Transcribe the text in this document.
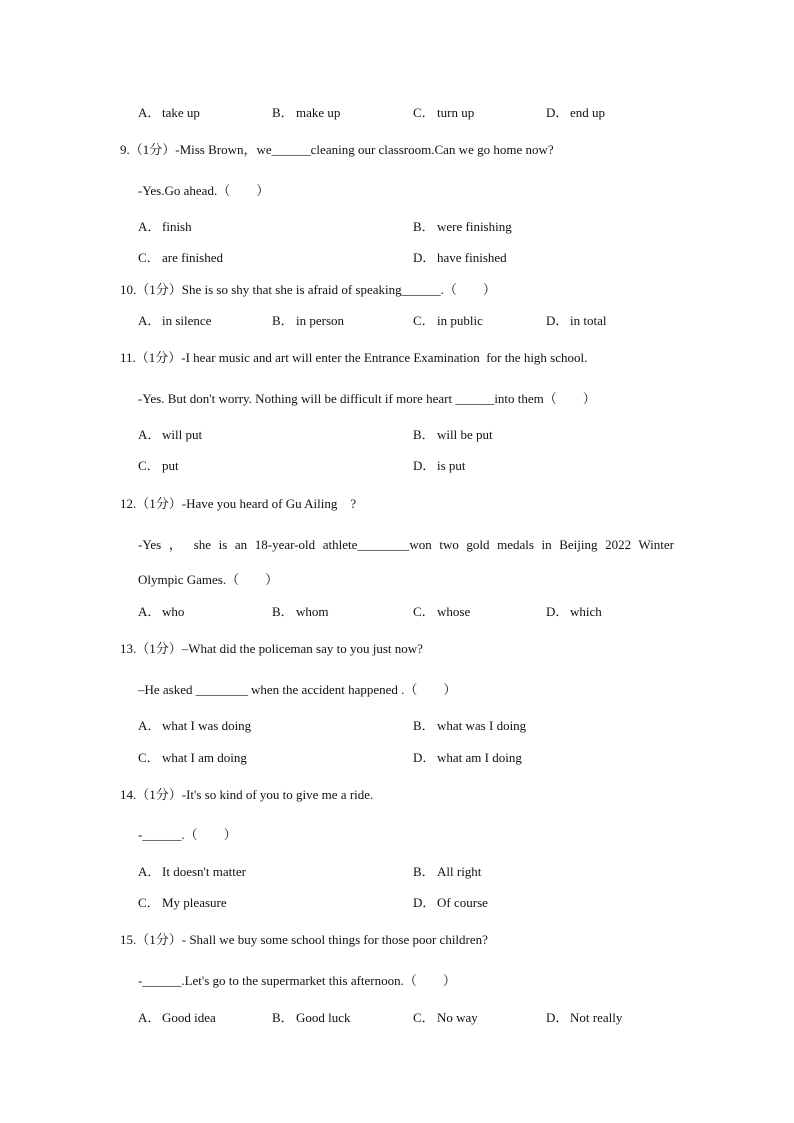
A． take up	B． make up	C． turn up	D． end up
9.（1分）-Miss Brown，we______cleaning our classroom.Can we go home now?
-Yes.Go ahead.（　　）
A． finish	B． were finishing
C． are finished	D． have finished
10.（1分）She is so shy that she is afraid of speaking______.（　　）
A． in silence	B． in person	C． in public	D． in total
11.（1分）-I hear music and art will enter the Entrance Examination  for the high school.
-Yes. But don't worry. Nothing will be difficult if more heart ______into them（　　）
A． will put	B． will be put
C． put	D． is put
12.（1分）-Have you heard of Gu Ailing　?
-Yes ， she is an 18-year-old athlete________won two gold medals in Beijing 2022 Winter
Olympic Games.（　　）
A． who	B． whom	C． whose	D． which
13.（1分）–What did the policeman say to you just now?
–He asked ________ when the accident happened .（　　）
A． what I was doing	B． what was I doing
C． what I am doing	D． what am I doing
14.（1分）-It's so kind of you to give me a ride.
-______.（　　）
A． It doesn't matter	B． All right
C． My pleasure	D． Of course
15.（1分）- Shall we buy some school things for those poor children?
-______.Let's go to the supermarket this afternoon.（　　）
A． Good idea	B． Good luck	C． No way	D． Not really
